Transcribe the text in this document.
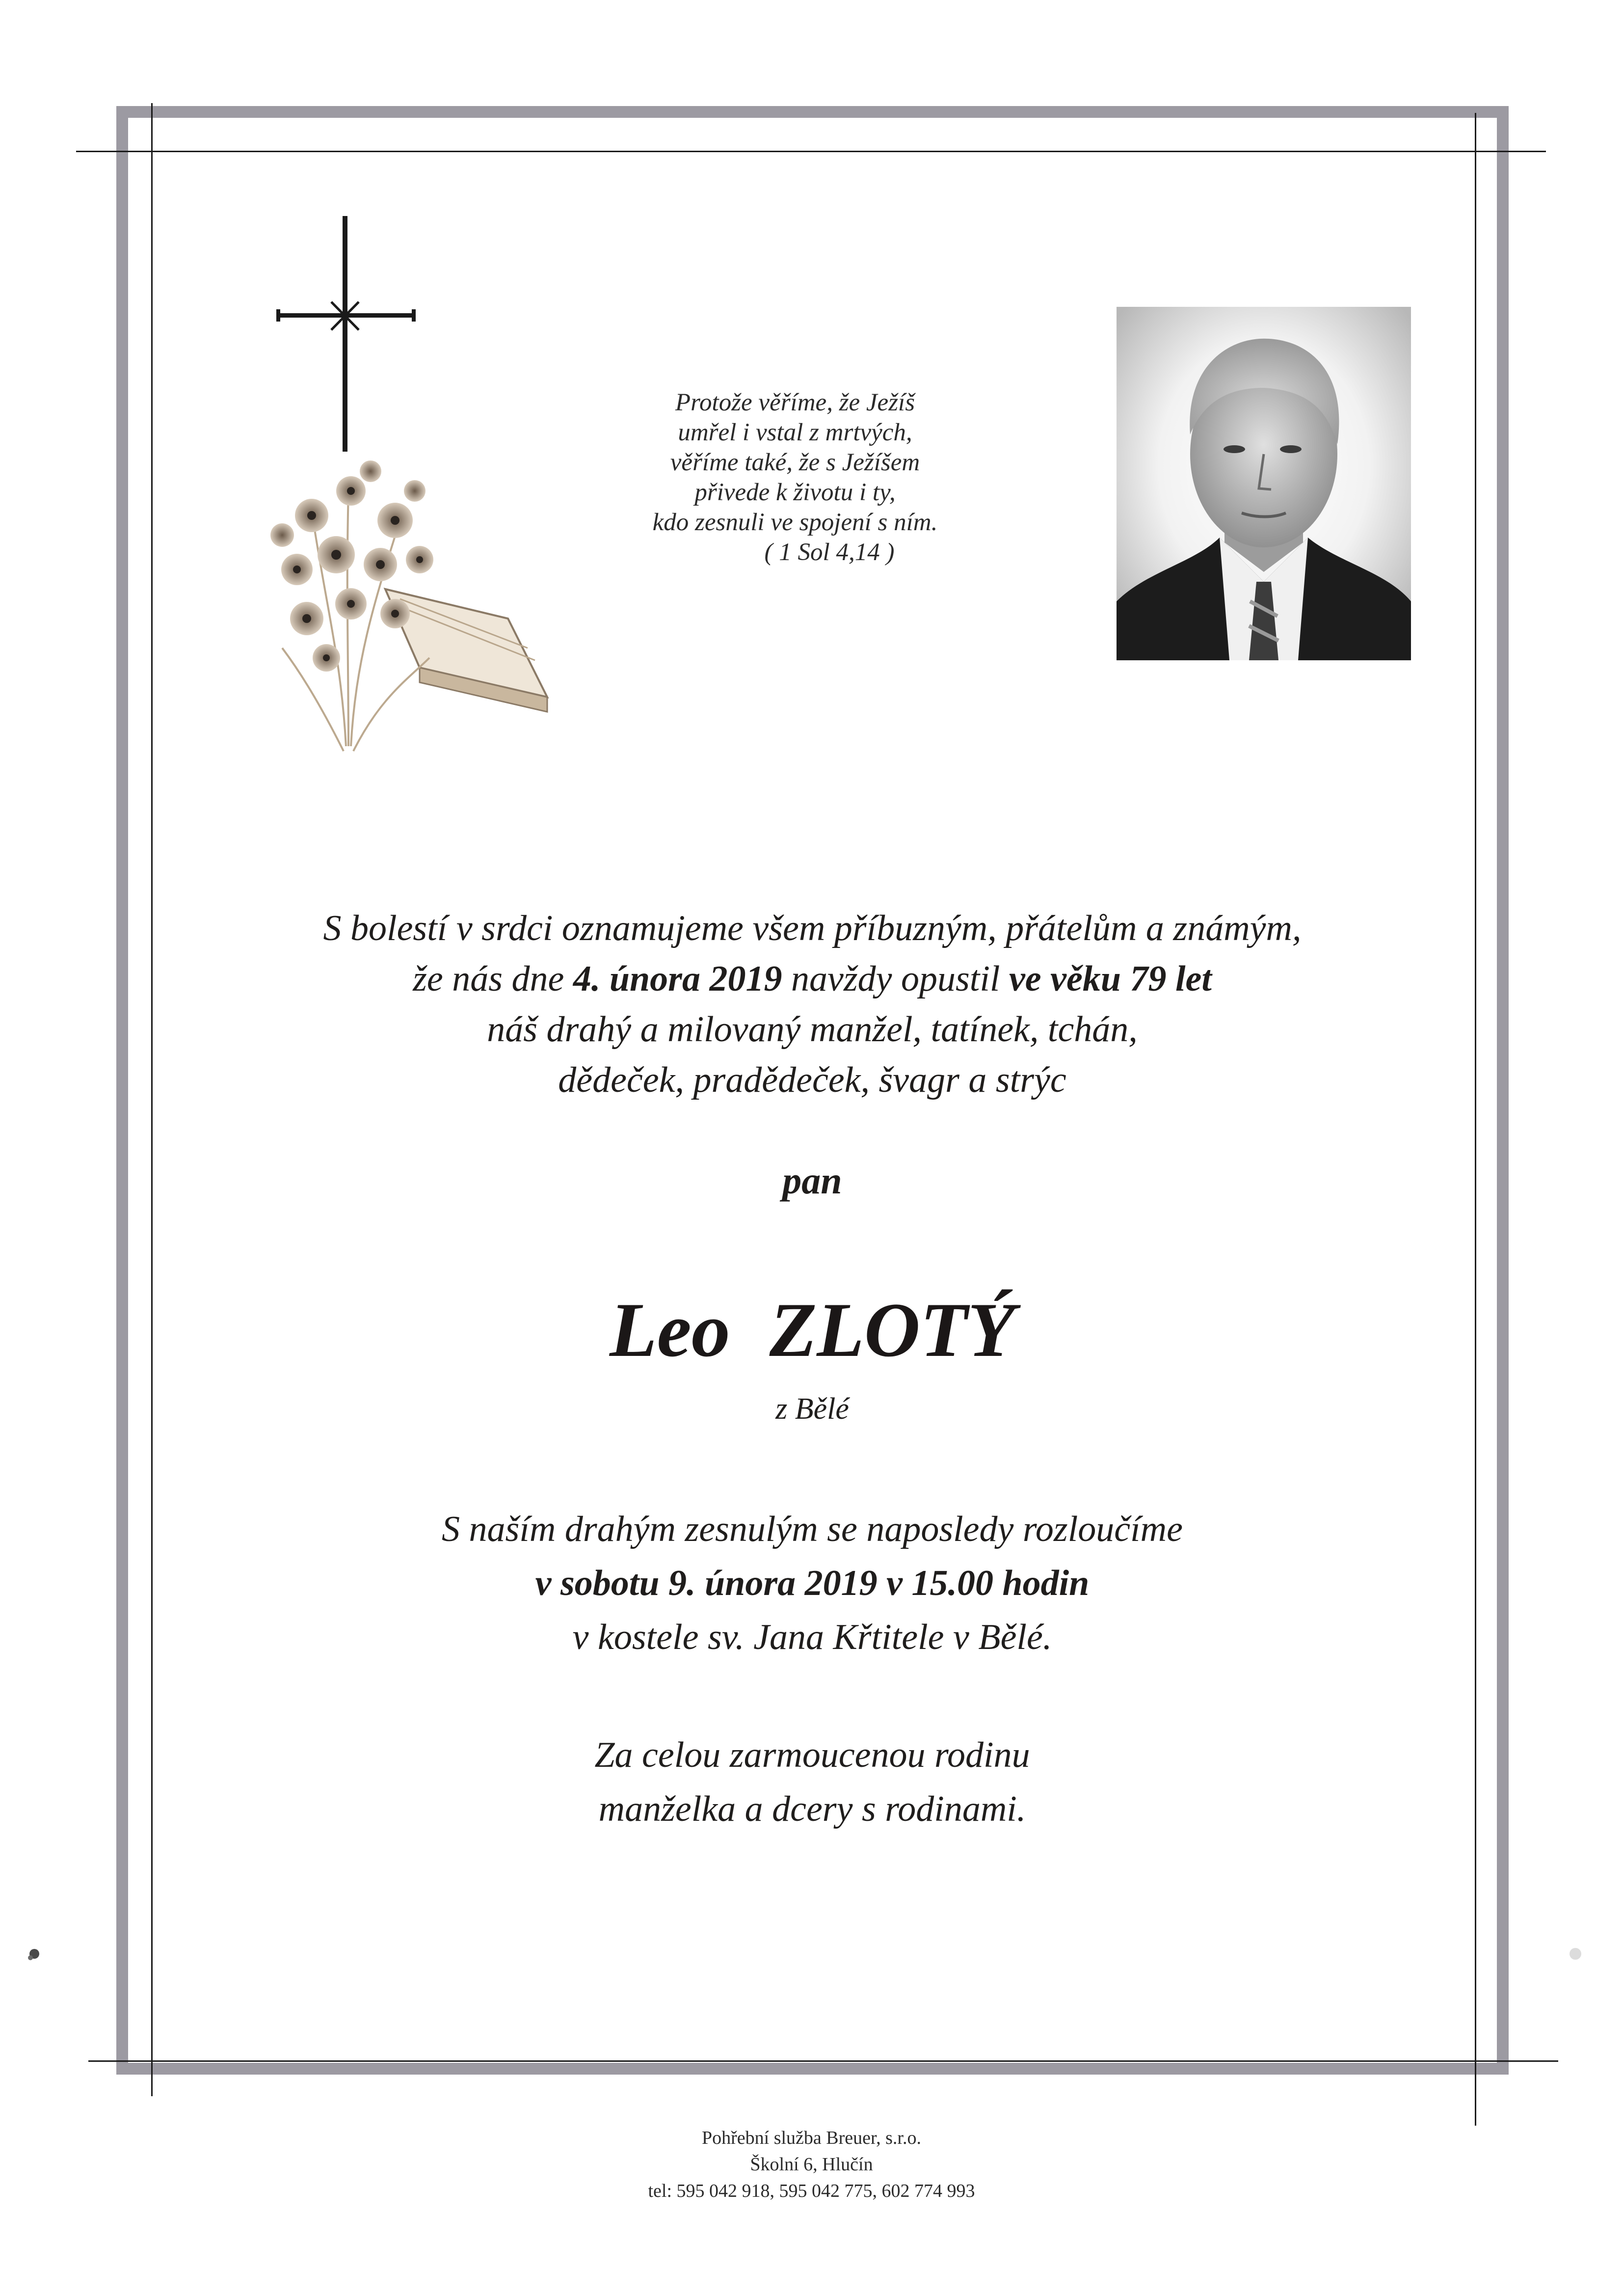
Protože věříme, že Ježíš
umřel i vstal z mrtvých,
věříme také, že s Ježíšem
přivede k životu i ty,
kdo zesnuli ve spojení s ním.
( 1 Sol 4,14 )
S bolestí v srdci oznamujeme všem příbuzným, přátelům a známým,
že nás dne 4. února 2019 navždy opustil ve věku 79 let
náš drahý a milovaný manžel, tatínek, tchán,
dědeček, pradědeček, švagr a strýc
pan
Leo ZLOTÝ
z Bělé
S naším drahým zesnulým se naposledy rozloučíme
v sobotu 9. února 2019 v 15.00 hodin
v kostele sv. Jana Křtitele v Bělé.
Za celou zarmoucenou rodinu
manželka a dcery s rodinami.
Pohřební služba Breuer, s.r.o.
Školní 6, Hlučín
tel: 595 042 918, 595 042 775, 602 774 993
